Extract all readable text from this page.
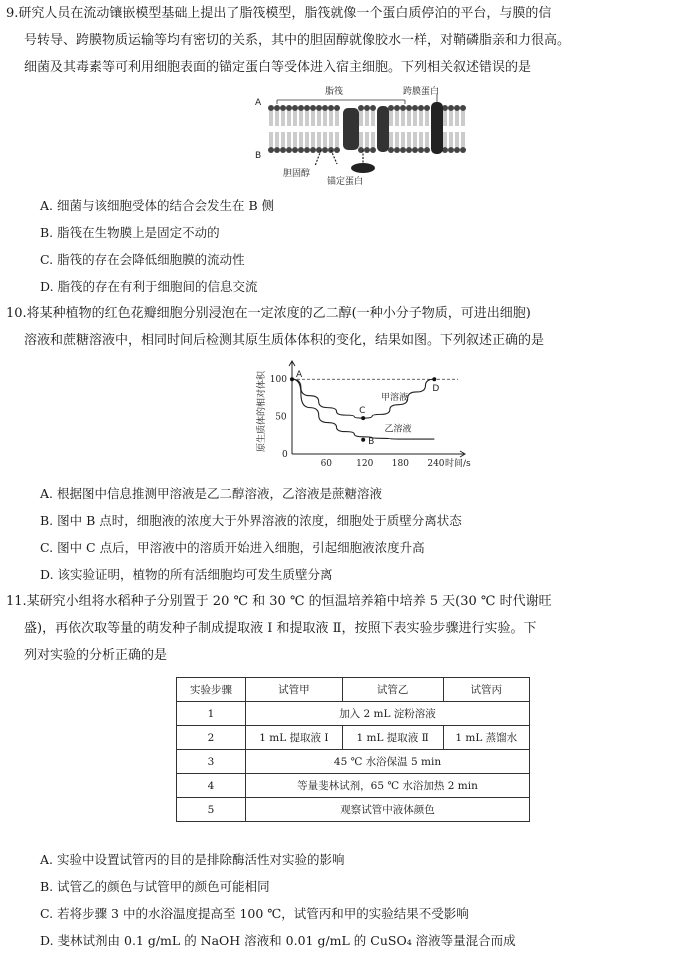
9.研究人员在流动镶嵌模型基础上提出了脂筏模型，脂筏就像一个蛋白质停泊的平台，与膜的信
号转导、跨膜物质运输等均有密切的关系，其中的胆固醇就像胶水一样，对鞘磷脂亲和力很高。
细菌及其毒素等可利用细胞表面的锚定蛋白等受体进入宿主细胞。下列相关叙述错误的是
A
B
脂筏	跨膜蛋白
胆固醇
锚定蛋白
A. 细菌与该细胞受体的结合会发生在 B 侧
B. 脂筏在生物膜上是固定不动的
C. 脂筏的存在会降低细胞膜的流动性
D. 脂筏的存在有利于细胞间的信息交流
10.将某种植物的红色花瓣细胞分别浸泡在一定浓度的乙二醇(一种小分子物质，可进出细胞)
溶液和蔗糖溶液中，相同时间后检测其原生质体体积的变化，结果如图。下列叙述正确的是
0
60	120 180 240
100
50
时间/s
原生质体的相对体积	甲溶液
乙溶液
A
B
C
D
A. 根据图中信息推测甲溶液是乙二醇溶液，乙溶液是蔗糖溶液
B. 图中 B 点时，细胞液的浓度大于外界溶液的浓度，细胞处于质壁分离状态
C. 图中 C 点后，甲溶液中的溶质开始进入细胞，引起细胞液浓度升高
D. 该实验证明，植物的所有活细胞均可发生质壁分离
11.某研究小组将水稻种子分别置于 20 ℃ 和 30 ℃ 的恒温培养箱中培养 5 天(30 ℃ 时代谢旺
盛)，再依次取等量的萌发种子制成提取液 Ⅰ 和提取液 Ⅱ，按照下表实验步骤进行实验。下
列对实验的分析正确的是
实验步骤	试管甲	试管乙	试管丙
1	加入 2 mL 淀粉溶液		
2	1 mL 提取液 Ⅰ	1 mL 提取液 Ⅱ	1 mL 蒸馏水
3	45 ℃ 水浴保温 5 min		
4	等量斐林试剂，65 ℃ 水浴加热 2 min		
5	观察试管中液体颜色		
A. 实验中设置试管丙的目的是排除酶活性对实验的影响
B. 试管乙的颜色与试管甲的颜色可能相同
C. 若将步骤 3 中的水浴温度提高至 100 ℃，试管丙和甲的实验结果不受影响
D. 斐林试剂由 0.1 g/mL 的 NaOH 溶液和 0.01 g/mL 的 CuSO₄ 溶液等量混合而成
